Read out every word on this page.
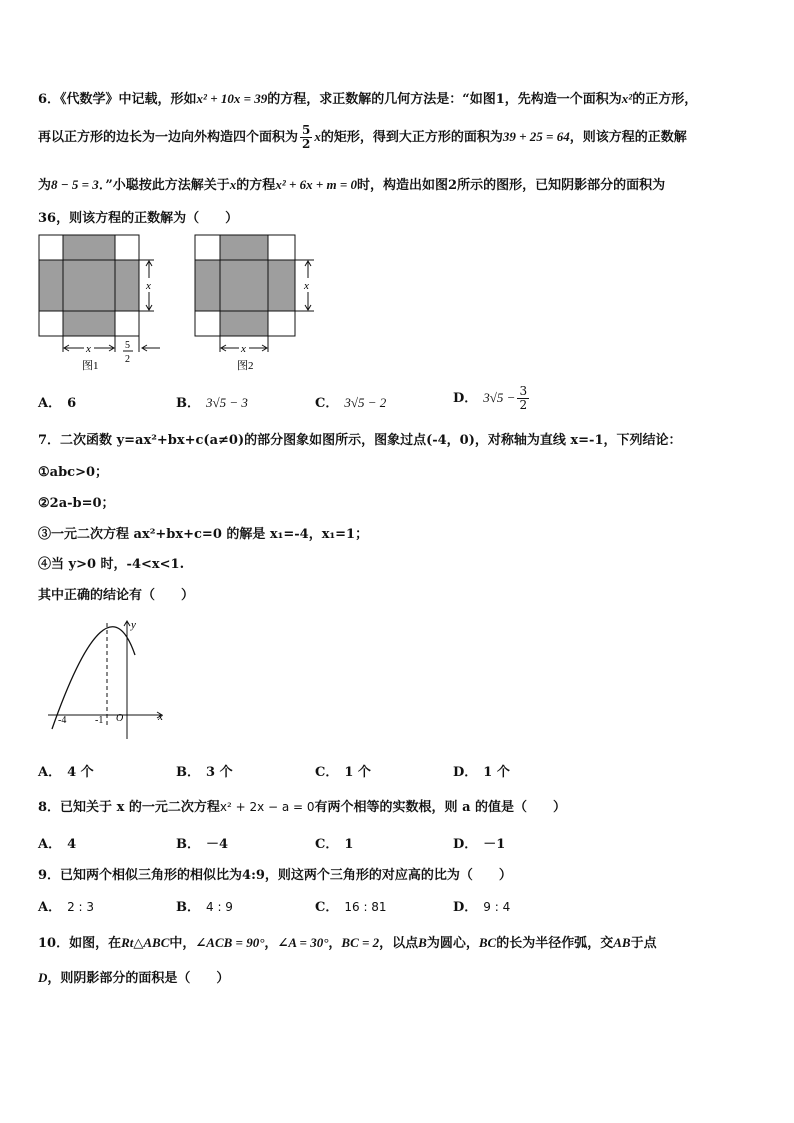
6．《代数学》中记载，形如x² + 10x = 39的方程，求正数解的几何方法是：“如图1，先构造一个面积为x²的正方形，
再以正方形的边长为一边向外构造四个面积为 $\frac{5}{2}$ x的矩形，得到大正方形的面积为39 + 25 = 64，则该方程的正数解
为8 − 5 = 3．”小聪按此方法解关于x的方程x² + 6x + m = 0时，构造出如图2所示的图形，已知阴影部分的面积为
36，则该方程的正数解为（　　）
x
x	5
2
图1
x
x
图2
A． 6	B． 3√5 − 3	C． 3√5 − 2	D． $3√5 - \frac{3}{2}$
7．二次函数 y=ax²+bx+c(a≠0)的部分图象如图所示，图象过点(-4，0)，对称轴为直线 x=-1，下列结论：
①abc>0；
②2a-b=0；
③一元二次方程 ax²+bx+c=0 的解是 x₁=-4，x₁=1；
④当 y>0 时，-4<x<1.
其中正确的结论有（　　）
x
y
O
-4	-1
A． 4 个	B． 3 个	C． 1 个	D． 1 个
8．已知关于 x 的一元二次方程x² + 2x − a = 0有两个相等的实数根，则 a 的值是（　　）
A． 4	B． －4	C． 1	D． －1
9．已知两个相似三角形的相似比为4:9，则这两个三角形的对应高的比为（　　）
A． 2 : 3	B． 4 : 9	C． 16 : 81	D． 9 : 4
10．如图，在Rt△ABC中，∠ACB = 90°，∠A = 30°，BC = 2，以点B为圆心，BC的长为半径作弧，交AB于点
D，则阴影部分的面积是（　　）
